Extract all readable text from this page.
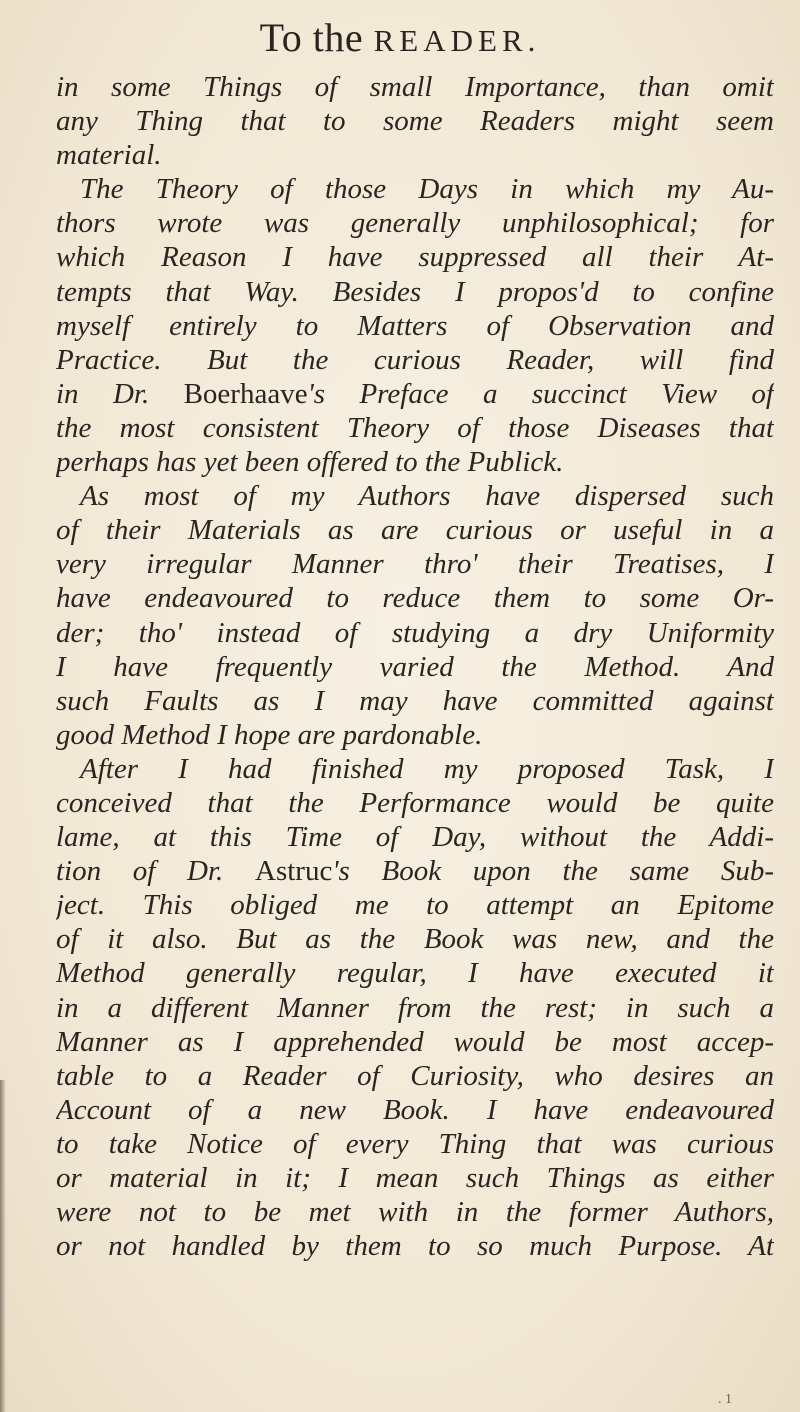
To the READER.
in some Things of small Importance, than omit
any Thing that to some Readers might seem
material.
The Theory of those Days in which my Au-
thors wrote was generally unphilosophical; for
which Reason I have suppressed all their At-
tempts that Way. Besides I propos'd to confine
myself entirely to Matters of Observation and
Practice. But the curious Reader, will find
in Dr. Boerhaave's Preface a succinct View of
the most consistent Theory of those Diseases that
perhaps has yet been offered to the Publick.
As most of my Authors have dispersed such
of their Materials as are curious or useful in a
very irregular Manner thro' their Treatises, I
have endeavoured to reduce them to some Or-
der; tho' instead of studying a dry Uniformity
I have frequently varied the Method. And
such Faults as I may have committed against
good Method I hope are pardonable.
After I had finished my proposed Task, I
conceived that the Performance would be quite
lame, at this Time of Day, without the Addi-
tion of Dr. Astruc's Book upon the same Sub-
ject. This obliged me to attempt an Epitome
of it also. But as the Book was new, and the
Method generally regular, I have executed it
in a different Manner from the rest; in such a
Manner as I apprehended would be most accep-
table to a Reader of Curiosity, who desires an
Account of a new Book. I have endeavoured
to take Notice of every Thing that was curious
or material in it; I mean such Things as either
were not to be met with in the former Authors,
or not handled by them to so much Purpose. At
. 1
